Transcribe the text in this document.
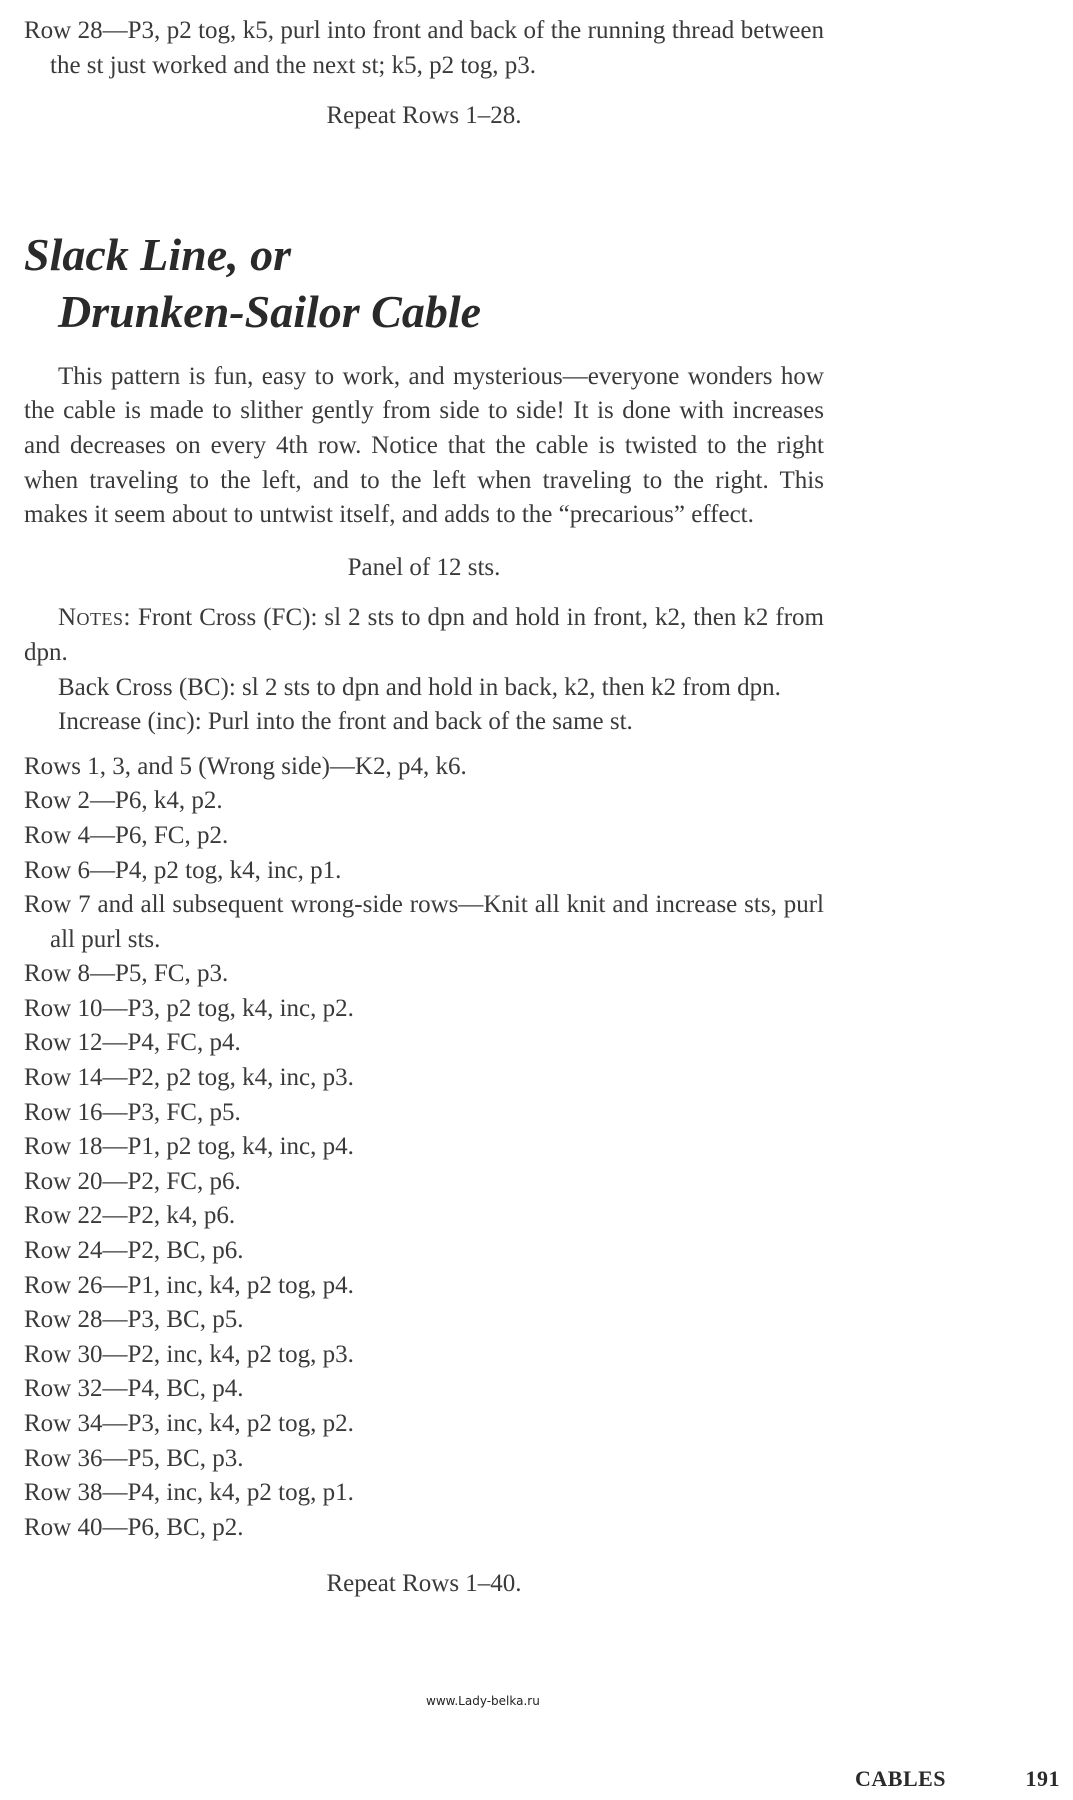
Row 28—P3, p2 tog, k5, purl into front and back of the running thread between the st just worked and the next st; k5, p2 tog, p3.

Repeat Rows 1–28.

Slack Line, or
Drunken-Sailor Cable

This pattern is fun, easy to work, and mysterious—everyone wonders how the cable is made to slither gently from side to side! It is done with increases and decreases on every 4th row. Notice that the cable is twisted to the right when traveling to the left, and to the left when traveling to the right. This makes it seem about to untwist itself, and adds to the “precarious” effect.

Panel of 12 sts.

Notes: Front Cross (FC): sl 2 sts to dpn and hold in front, k2, then k2 from dpn.

Back Cross (BC): sl 2 sts to dpn and hold in back, k2, then k2 from dpn.

Increase (inc): Purl into the front and back of the same st.

Rows 1, 3, and 5 (Wrong side)—K2, p4, k6.

Row 2—P6, k4, p2.

Row 4—P6, FC, p2.

Row 6—P4, p2 tog, k4, inc, p1.

Row 7 and all subsequent wrong-side rows—Knit all knit and increase sts, purl all purl sts.

Row 8—P5, FC, p3.

Row 10—P3, p2 tog, k4, inc, p2.

Row 12—P4, FC, p4.

Row 14—P2, p2 tog, k4, inc, p3.

Row 16—P3, FC, p5.

Row 18—P1, p2 tog, k4, inc, p4.

Row 20—P2, FC, p6.

Row 22—P2, k4, p6.

Row 24—P2, BC, p6.

Row 26—P1, inc, k4, p2 tog, p4.

Row 28—P3, BC, p5.

Row 30—P2, inc, k4, p2 tog, p3.

Row 32—P4, BC, p4.

Row 34—P3, inc, k4, p2 tog, p2.

Row 36—P5, BC, p3.

Row 38—P4, inc, k4, p2 tog, p1.

Row 40—P6, BC, p2.

Repeat Rows 1–40.

www.Lady-belka.ru
CABLES	191
